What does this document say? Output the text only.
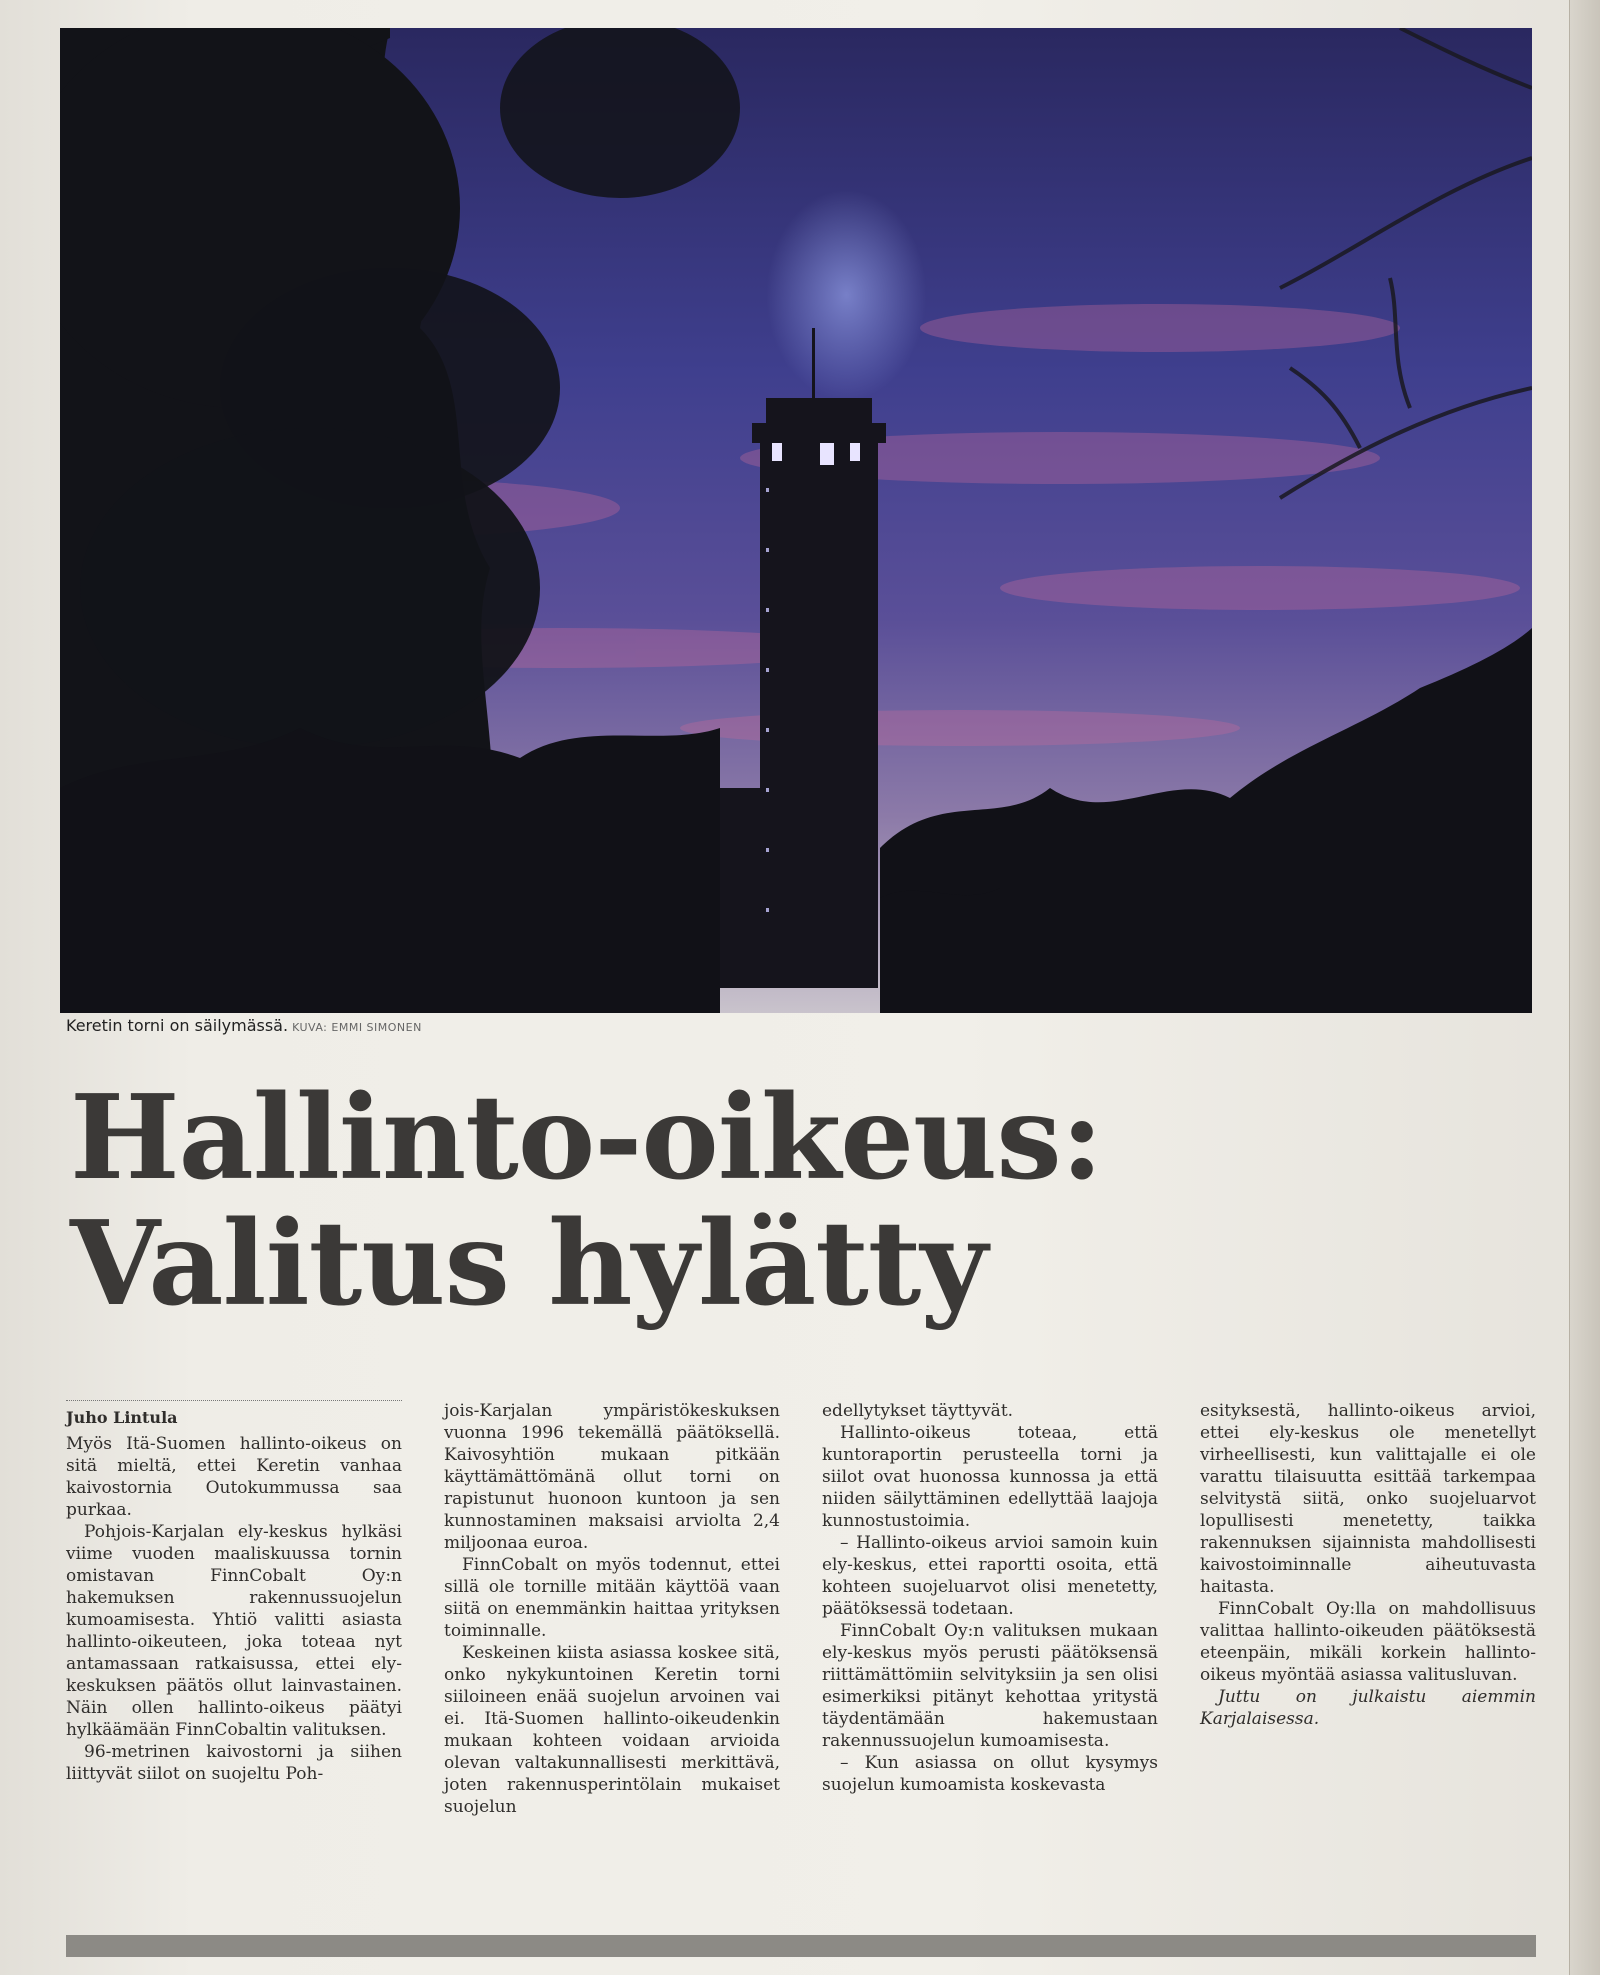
Keretin torni on säilymässä. KUVA: EMMI SIMONEN
Hallinto-oikeus:
Valitus hylätty
Juho Lintula

Myös Itä-Suomen hallinto-oikeus on sitä mieltä, ettei Keretin vanhaa kaivostornia Outokummussa saa purkaa.

Pohjois-Karjalan ely-keskus hylkäsi viime vuoden maaliskuussa tornin omistavan FinnCobalt Oy:n hakemuksen rakennussuojelun kumoamisesta. Yhtiö valitti asiasta hallinto-oikeuteen, joka toteaa nyt antamassaan ratkaisussa, ettei ely-keskuksen päätös ollut lainvastainen. Näin ollen hallinto-oikeus päätyi hylkäämään FinnCobaltin valituksen.

96-metrinen kaivostorni ja siihen liittyvät siilot on suojeltu Poh-

jois-Karjalan ympäristökeskuksen vuonna 1996 tekemällä päätöksellä. Kaivosyhtiön mukaan pitkään käyttämättömänä ollut torni on rapistunut huonoon kuntoon ja sen kunnostaminen maksaisi arviolta 2,4 miljoonaa euroa.

FinnCobalt on myös todennut, ettei sillä ole tornille mitään käyttöä vaan siitä on enemmänkin haittaa yrityksen toiminnalle.

Keskeinen kiista asiassa koskee sitä, onko nykykuntoinen Keretin torni siiloineen enää suojelun arvoinen vai ei. Itä-Suomen hallinto-oikeudenkin mukaan kohteen voidaan arvioida olevan valtakunnallisesti merkittävä, joten rakennusperintölain mukaiset suojelun

edellytykset täyttyvät.

Hallinto-oikeus toteaa, että kuntoraportin perusteella torni ja siilot ovat huonossa kunnossa ja että niiden säilyttäminen edellyttää laajoja kunnostustoimia.

– Hallinto-oikeus arvioi samoin kuin ely-keskus, ettei raportti osoita, että kohteen suojeluarvot olisi menetetty, päätöksessä todetaan.

FinnCobalt Oy:n valituksen mukaan ely-keskus myös perusti päätöksensä riittämättömiin selvityksiin ja sen olisi esimerkiksi pitänyt kehottaa yritystä täydentämään hakemustaan rakennussuojelun kumoamisesta.

– Kun asiassa on ollut kysymys suojelun kumoamista koskevasta

esityksestä, hallinto-oikeus arvioi, ettei ely-keskus ole menetellyt virheellisesti, kun valittajalle ei ole varattu tilaisuutta esittää tarkempaa selvitystä siitä, onko suojeluarvot lopullisesti menetetty, taikka rakennuksen sijainnista mahdollisesti kaivostoiminnalle aiheutuvasta haitasta.

FinnCobalt Oy:lla on mahdollisuus valittaa hallinto-oikeuden päätöksestä eteenpäin, mikäli korkein hallinto-oikeus myöntää asiassa valitusluvan.

Juttu on julkaistu aiemmin Karjalaisessa.
